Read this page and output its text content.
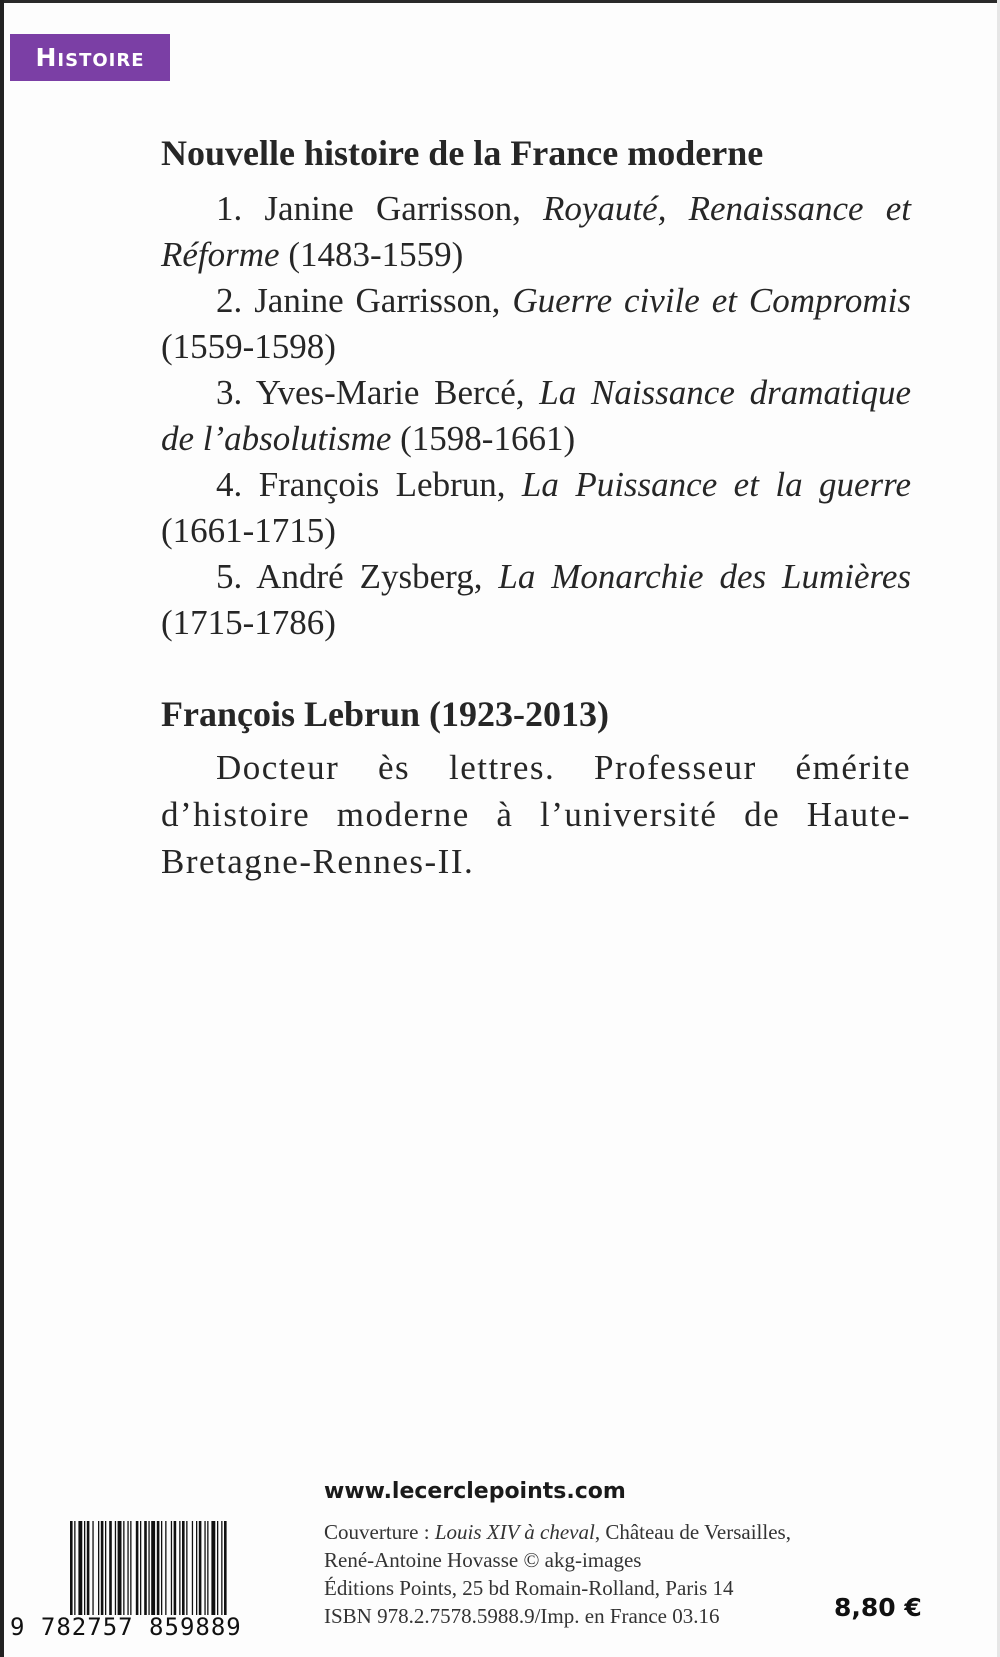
Histoire
Nouvelle histoire de la France moderne

1. Janine Garrisson, Royauté, Renaissance et Réforme (1483-1559)

2. Janine Garrisson, Guerre civile et Compromis (1559-1598)

3. Yves-Marie Bercé, La Naissance dramatique de l’absolutisme (1598-1661)

4. François Lebrun, La Puissance et la guerre (1661-1715)

5. André Zysberg, La Monarchie des Lumières (1715-1786)

François Lebrun (1923-2013)

Docteur ès lettres. Professeur émérite d’histoire moderne à l’université de Haute-Bretagne-Rennes-II.

www.lecerclepoints.com
9 782757 859889

Couverture : Louis XIV à cheval, Château de Versailles,

René-Antoine Hovasse © akg-images

Éditions Points, 25 bd Romain-Rolland, Paris 14

ISBN 978.2.7578.5988.9/Imp. en France 03.16	8,80 €
